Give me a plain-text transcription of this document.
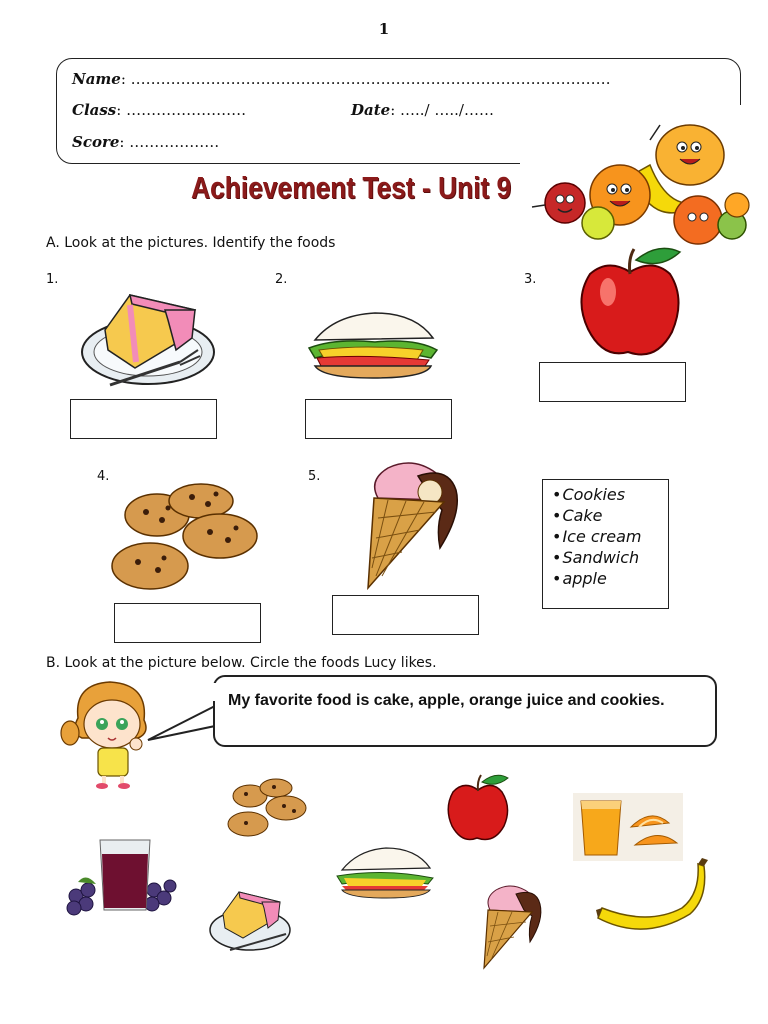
1
Name: ……………………………………………………………………………………
Class: ……………………	Date: …../ …../……
Score: ………………
Achievement Test - Unit 9
A. Look at the pictures. Identify the foods
1.	2.	3.
4.	5.
• Cookies
• Cake
• Ice cream
• Sandwich
• apple
B. Look at the picture below. Circle the foods Lucy likes.
My favorite food is cake, apple, orange juice and cookies.
